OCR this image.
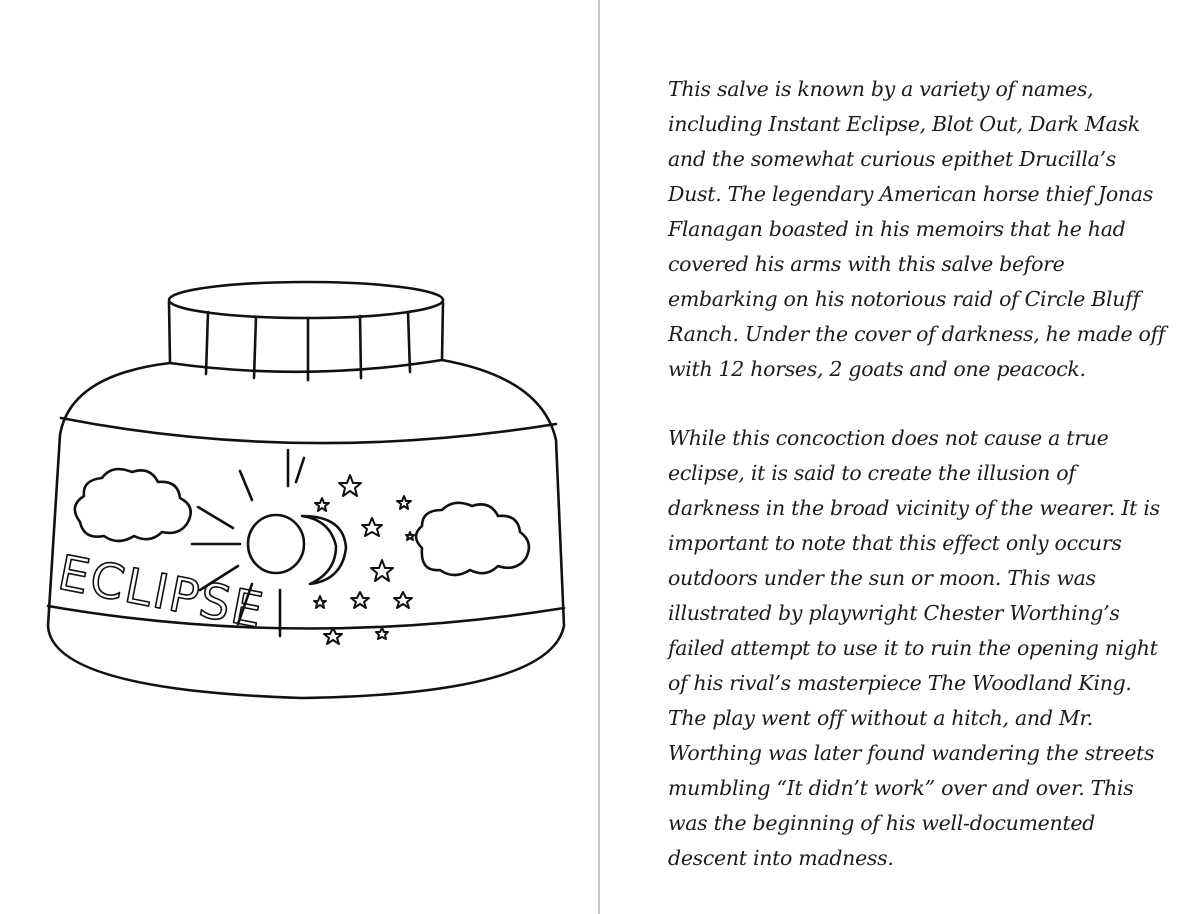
ECLIPSE

This salve is known by a variety of names, including Instant Eclipse, Blot Out, Dark Mask and the somewhat curious epithet Drucilla’s Dust. The legendary American horse thief Jonas Flanagan boasted in his memoirs that he had covered his arms with this salve before embarking on his notorious raid of Circle Bluff Ranch. Under the cover of darkness, he made off with 12 horses, 2 goats and one peacock.

While this concoction does not cause a true eclipse, it is said to create the illusion of darkness in the broad vicinity of the wearer. It is important to note that this effect only occurs outdoors under the sun or moon. This was illustrated by playwright Chester Worthing’s failed attempt to use it to ruin the opening night of his rival’s masterpiece The Woodland King. The play went off without a hitch, and Mr. Worthing was later found wandering the streets mumbling “It didn’t work” over and over. This was the beginning of his well-documented descent into madness.
